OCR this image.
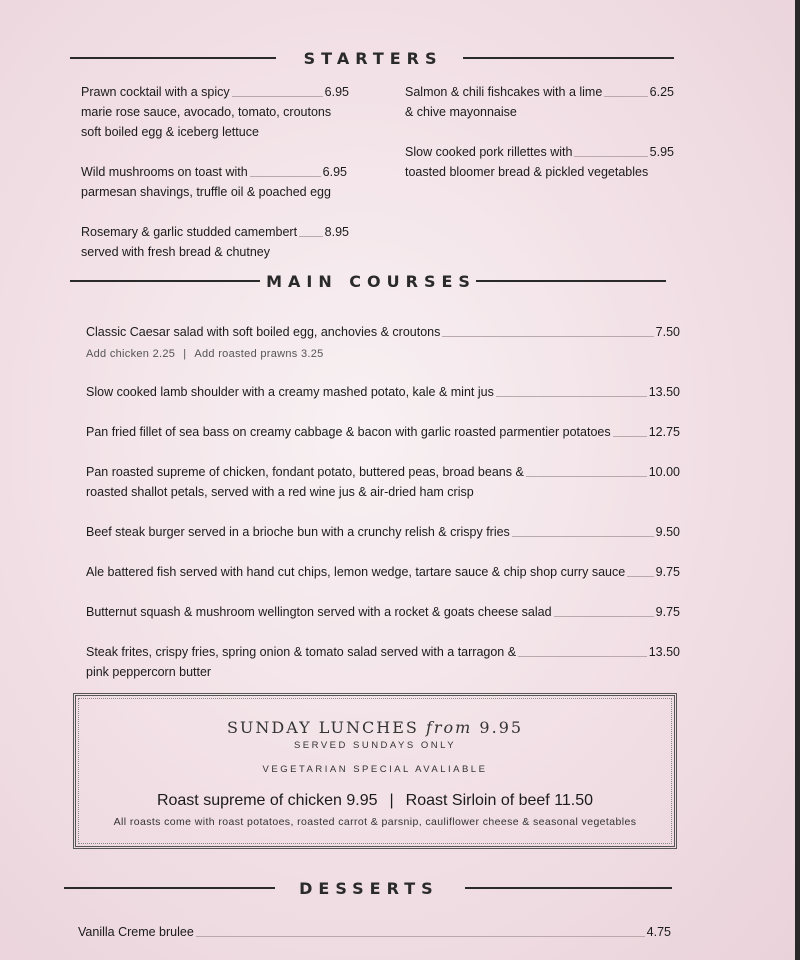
STARTERS
Prawn cocktail with a spicy	6.95
marie rose sauce, avocado, tomato, croutons
soft boiled egg & iceberg lettuce
Wild mushrooms on toast with	6.95
parmesan shavings, truffle oil & poached egg
Rosemary & garlic studded camembert 8.95
served with fresh bread & chutney
Salmon & chili fishcakes with a lime	6.25
& chive mayonnaise
Slow cooked pork rillettes with	5.95
toasted bloomer bread & pickled vegetables
MAIN COURSES
Classic Caesar salad with soft boiled egg, anchovies & croutons	7.50
Add chicken 2.25 | Add roasted prawns 3.25
Slow cooked lamb shoulder with a creamy mashed potato, kale & mint jus	13.50
Pan fried fillet of sea bass on creamy cabbage & bacon with garlic roasted parmentier potatoes	12.75
Pan roasted supreme of chicken, fondant potato, buttered peas, broad beans &	10.00
roasted shallot petals, served with a red wine jus & air-dried ham crisp
Beef steak burger served in a brioche bun with a crunchy relish & crispy fries	9.50
Ale battered fish served with hand cut chips, lemon wedge, tartare sauce & chip shop curry sauce 9.75
Butternut squash & mushroom wellington served with a rocket & goats cheese salad	9.75
Steak frites, crispy fries, spring onion & tomato salad served with a tarragon &	13.50
pink peppercorn butter
SUNDAY LUNCHES from 9.95
SERVED SUNDAYS ONLY
VEGETARIAN SPECIAL AVALIABLE
Roast supreme of chicken 9.95 | Roast Sirloin of beef 11.50
All roasts come with roast potatoes, roasted carrot & parsnip, cauliflower cheese & seasonal vegetables
DESSERTS
Vanilla Creme brulee	4.75
